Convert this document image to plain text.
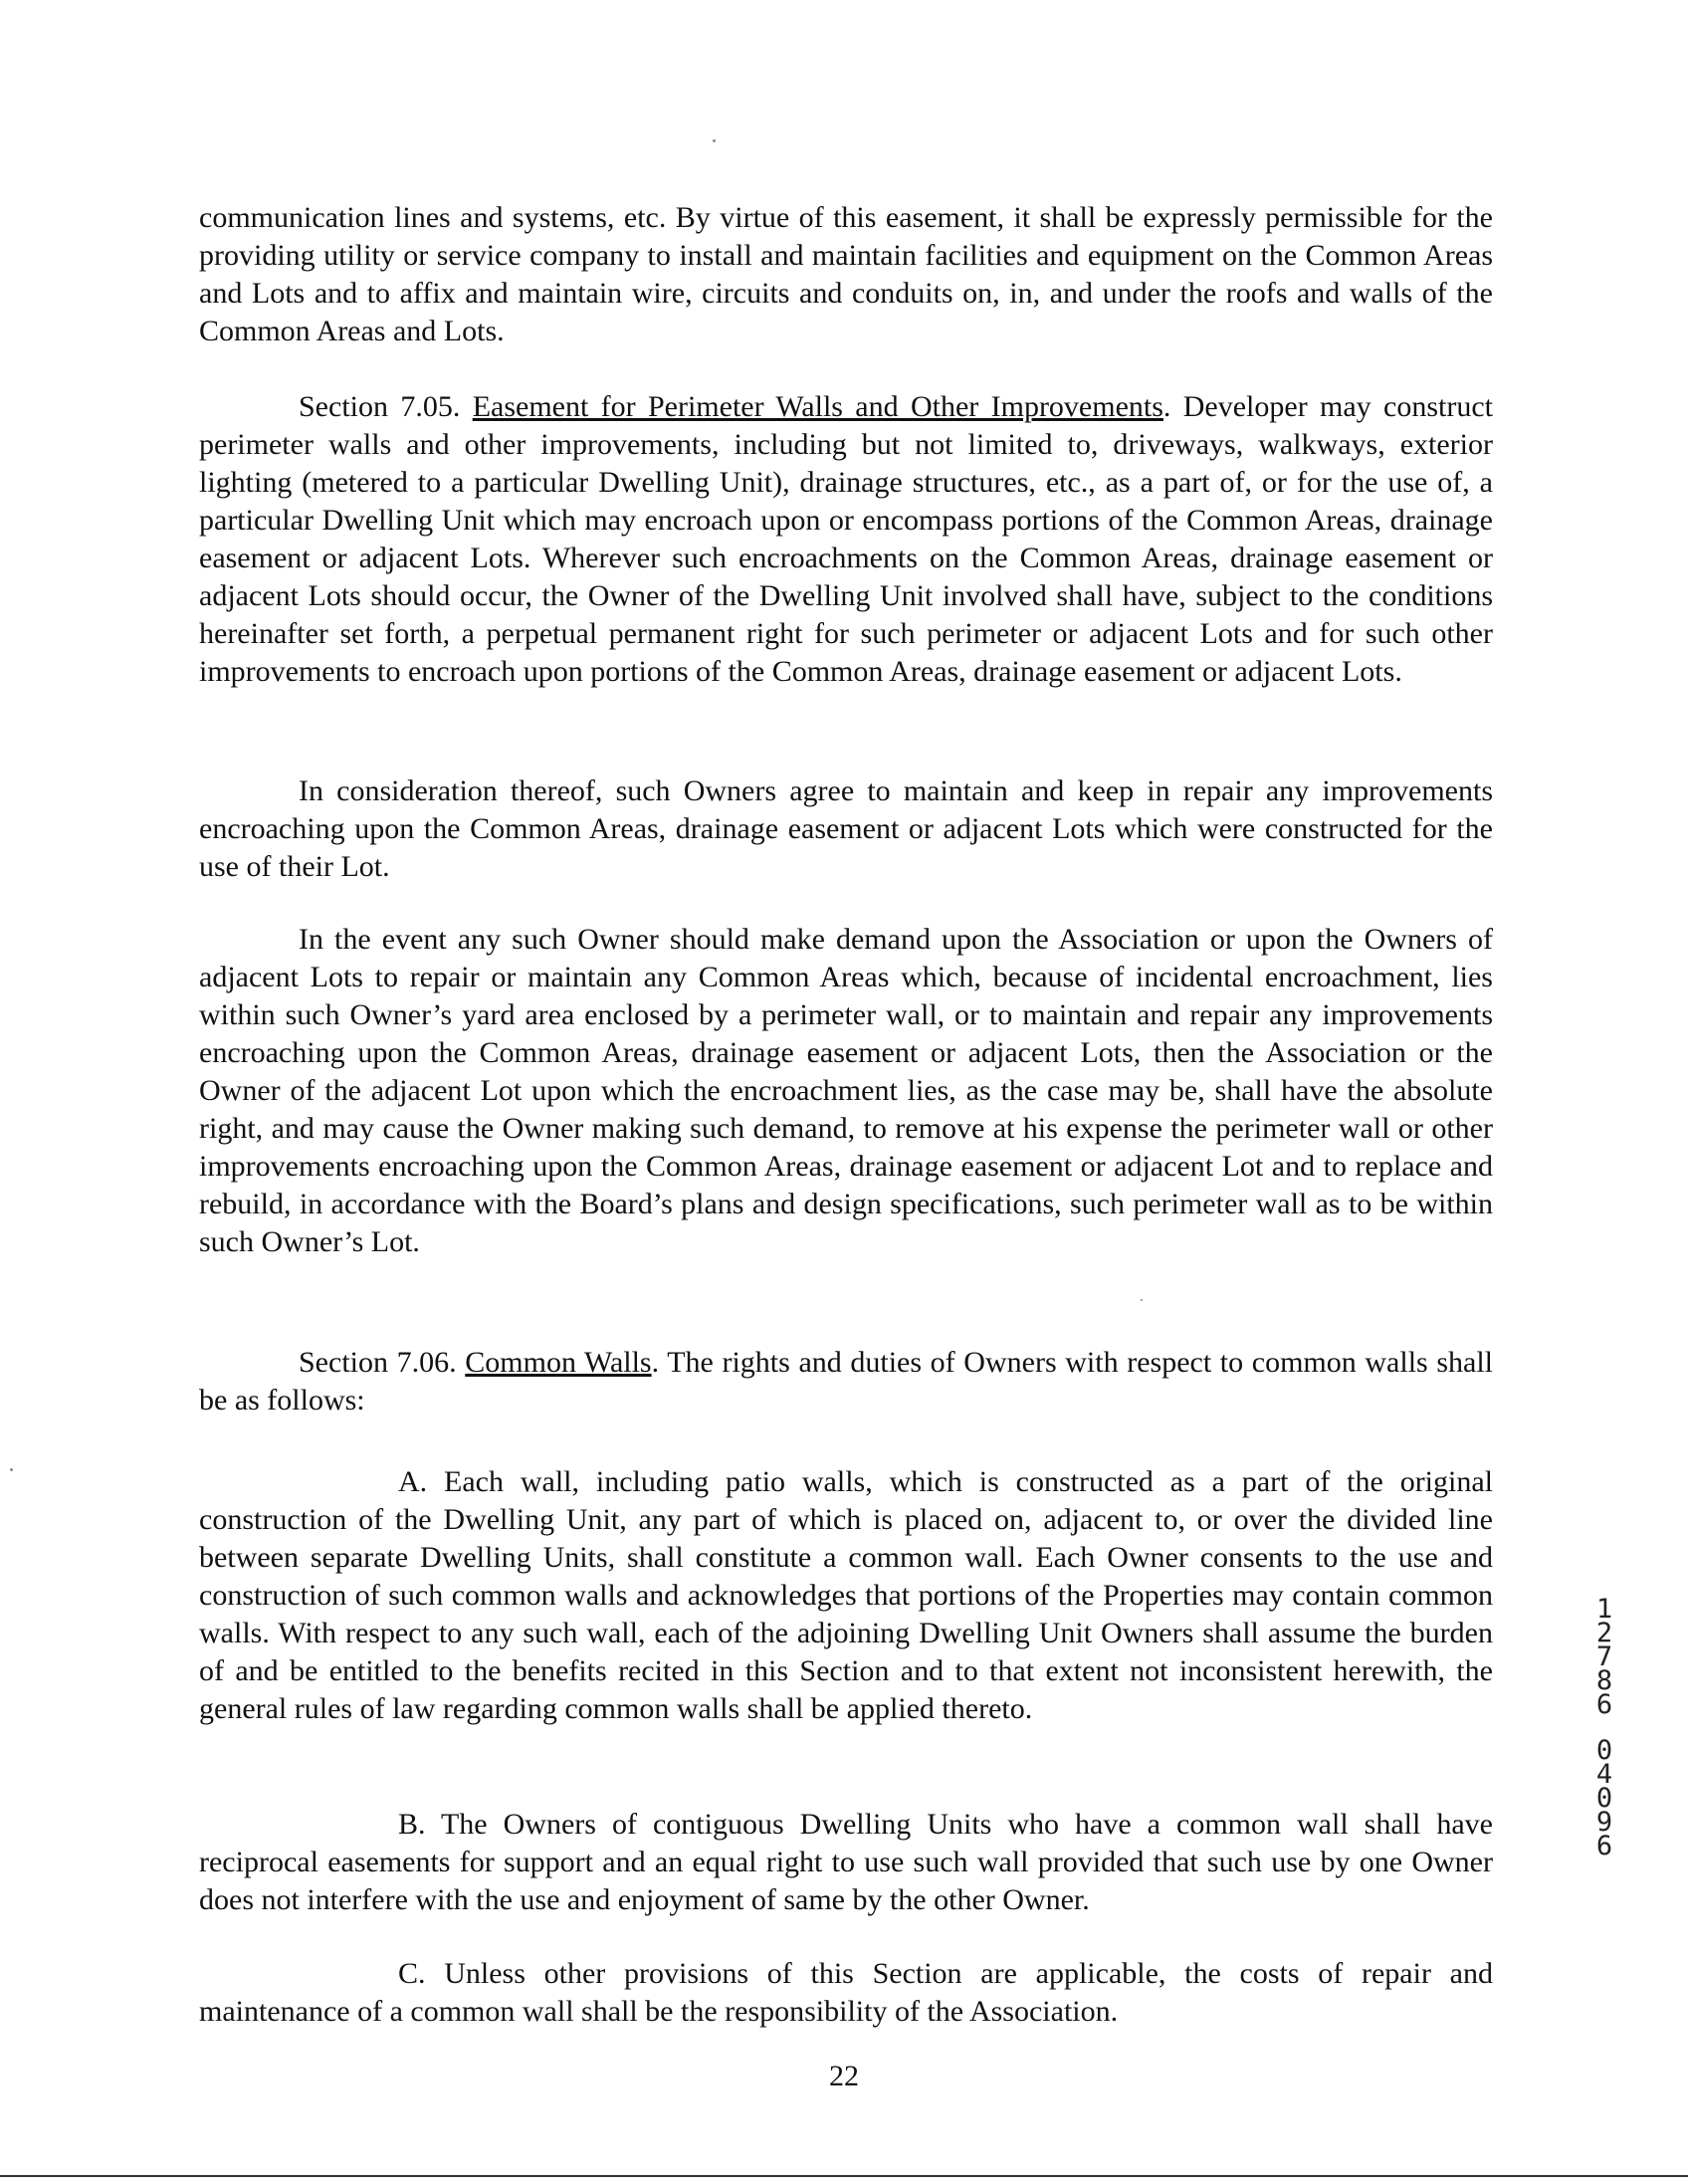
communication lines and systems, etc. By virtue of this easement, it shall be expressly permissible for the providing utility or service company to install and maintain facilities and equipment on the Common Areas and Lots and to affix and maintain wire, circuits and conduits on, in, and under the roofs and walls of the Common Areas and Lots.

Section 7.05. Easement for Perimeter Walls and Other Improvements. Developer may construct perimeter walls and other improvements, including but not limited to, driveways, walkways, exterior lighting (metered to a particular Dwelling Unit), drainage structures, etc., as a part of, or for the use of, a particular Dwelling Unit which may encroach upon or encompass portions of the Common Areas, drainage easement or adjacent Lots. Wherever such encroachments on the Common Areas, drainage easement or adjacent Lots should occur, the Owner of the Dwelling Unit involved shall have, subject to the conditions hereinafter set forth, a perpetual permanent right for such perimeter or adjacent Lots and for such other improvements to encroach upon portions of the Common Areas, drainage easement or adjacent Lots.

In consideration thereof, such Owners agree to maintain and keep in repair any improvements encroaching upon the Common Areas, drainage easement or adjacent Lots which were constructed for the use of their Lot.

In the event any such Owner should make demand upon the Association or upon the Owners of adjacent Lots to repair or maintain any Common Areas which, because of incidental encroachment, lies within such Owner’s yard area enclosed by a perimeter wall, or to maintain and repair any improvements encroaching upon the Common Areas, drainage easement or adjacent Lots, then the Association or the Owner of the adjacent Lot upon which the encroachment lies, as the case may be, shall have the absolute right, and may cause the Owner making such demand, to remove at his expense the perimeter wall or other improvements encroaching upon the Common Areas, drainage easement or adjacent Lot and to replace and rebuild, in accordance with the Board’s plans and design specifications, such perimeter wall as to be within such Owner’s Lot.

Section 7.06. Common Walls. The rights and duties of Owners with respect to common walls shall be as follows:

A. Each wall, including patio walls, which is constructed as a part of the original construction of the Dwelling Unit, any part of which is placed on, adjacent to, or over the divided line between separate Dwelling Units, shall constitute a common wall. Each Owner consents to the use and construction of such common walls and acknowledges that portions of the Properties may contain common walls. With respect to any such wall, each of the adjoining Dwelling Unit Owners shall assume the burden of and be entitled to the benefits recited in this Section and to that extent not inconsistent herewith, the general rules of law regarding common walls shall be applied thereto.

B. The Owners of contiguous Dwelling Units who have a common wall shall have reciprocal easements for support and an equal right to use such wall provided that such use by one Owner does not interfere with the use and enjoyment of same by the other Owner.

C. Unless other provisions of this Section are applicable, the costs of repair and maintenance of a common wall shall be the responsibility of the Association.

22
1
2
7
8
6
0
4
0
9
6
